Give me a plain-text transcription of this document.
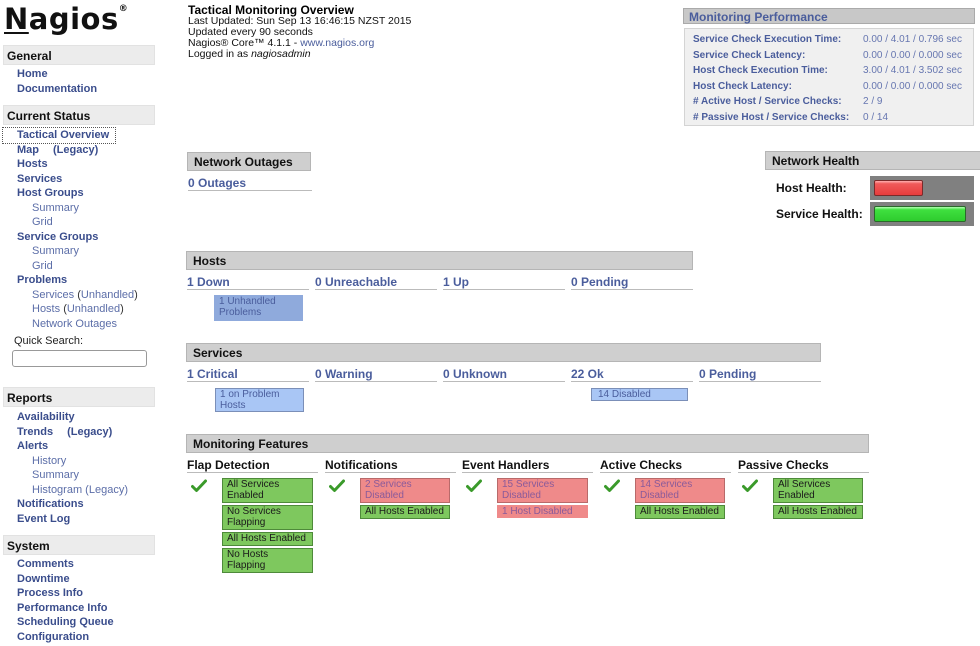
Nagios®
General
Home
Documentation
Current Status
Tactical Overview
Map (Legacy)
Hosts
Services
Host Groups
Summary
Grid
Service Groups
Summary
Grid
Problems
Services (Unhandled)
Hosts (Unhandled)
Network Outages
Quick Search:
Reports
Availability
Trends (Legacy)
Alerts
History
Summary
Histogram (Legacy)
Notifications
Event Log
System
Comments
Downtime
Process Info
Performance Info
Scheduling Queue
Configuration
Tactical Monitoring Overview
Last Updated: Sun Sep 13 16:46:15 NZST 2015
Updated every 90 seconds
Nagios® Core™ 4.1.1 - www.nagios.org
Logged in as nagiosadmin
Monitoring Performance
Service Check Execution Time: 0.00 / 4.01 / 0.796 sec
Service Check Latency:	0.00 / 0.00 / 0.000 sec
Host Check Execution Time:	3.00 / 4.01 / 3.502 sec
Host Check Latency:	0.00 / 0.00 / 0.000 sec
# Active Host / Service Checks: 2 / 9
# Passive Host / Service Checks: 0 / 14
Network Outages
0 Outages
Network Health
Host Health:
Service Health:
Hosts
1 Down	0 Unreachable	1 Up	0 Pending
1 Unhandled Problems
Services
1 Critical	0 Warning	0 Unknown	22 Ok	0 Pending
1 on Problem Hosts
14 Disabled
Monitoring Features
Flap Detection
All Services Enabled
No Services Flapping
All Hosts Enabled
No Hosts Flapping
Notifications
2 Services Disabled
All Hosts Enabled
Event Handlers
15 Services Disabled
1 Host Disabled
Active Checks
14 Services Disabled
All Hosts Enabled
Passive Checks
All Services Enabled
All Hosts Enabled
